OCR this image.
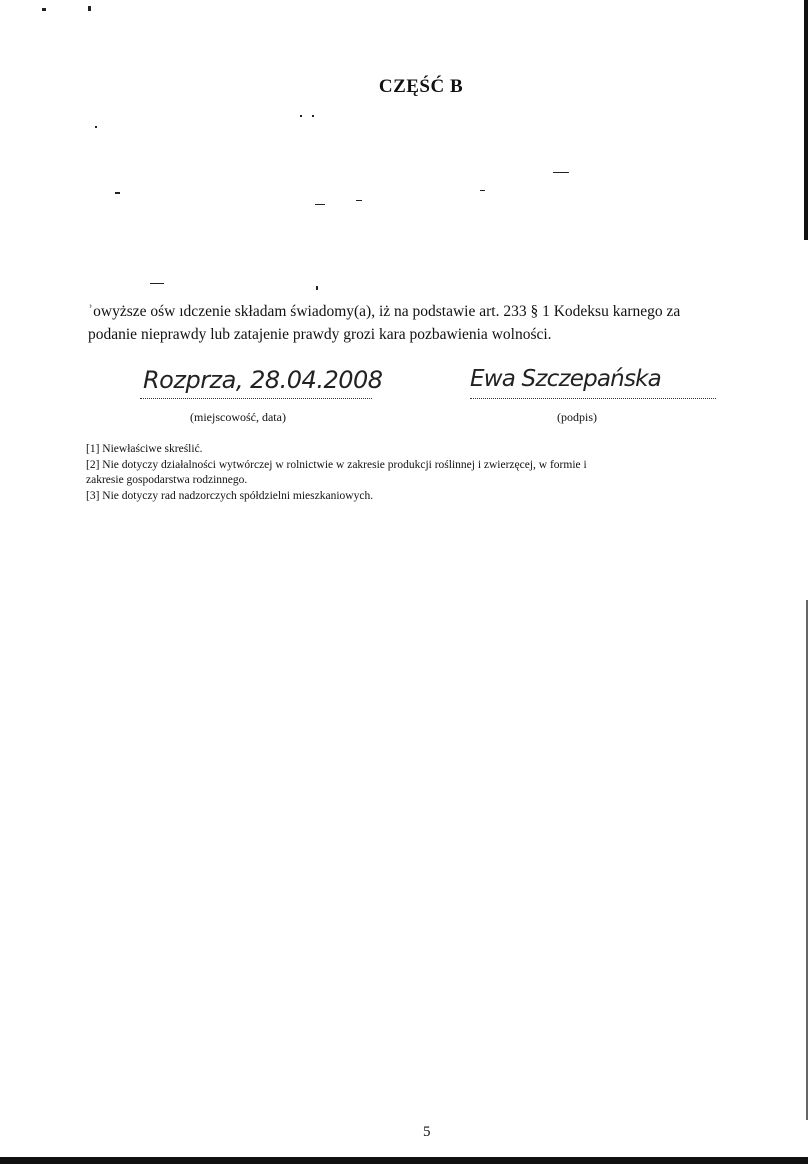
CZĘŚĆ B
ʾowyższe ośw ıdczenie składam świadomy(a), iż na podstawie art. 233 § 1 Kodeksu karnego za
podanie nieprawdy lub zatajenie prawdy grozi kara pozbawienia wolności.
Rozprza, 28.04.2008
(miejscowość, data)
Ewa Szczepańska
(podpis)
[1] Niewłaściwe skreślić.
[2] Nie dotyczy działalności wytwórczej w rolnictwie w zakresie produkcji roślinnej i zwierzęcej, w formie i
zakresie gospodarstwa rodzinnego.
[3] Nie dotyczy rad nadzorczych spółdzielni mieszkaniowych.
5
